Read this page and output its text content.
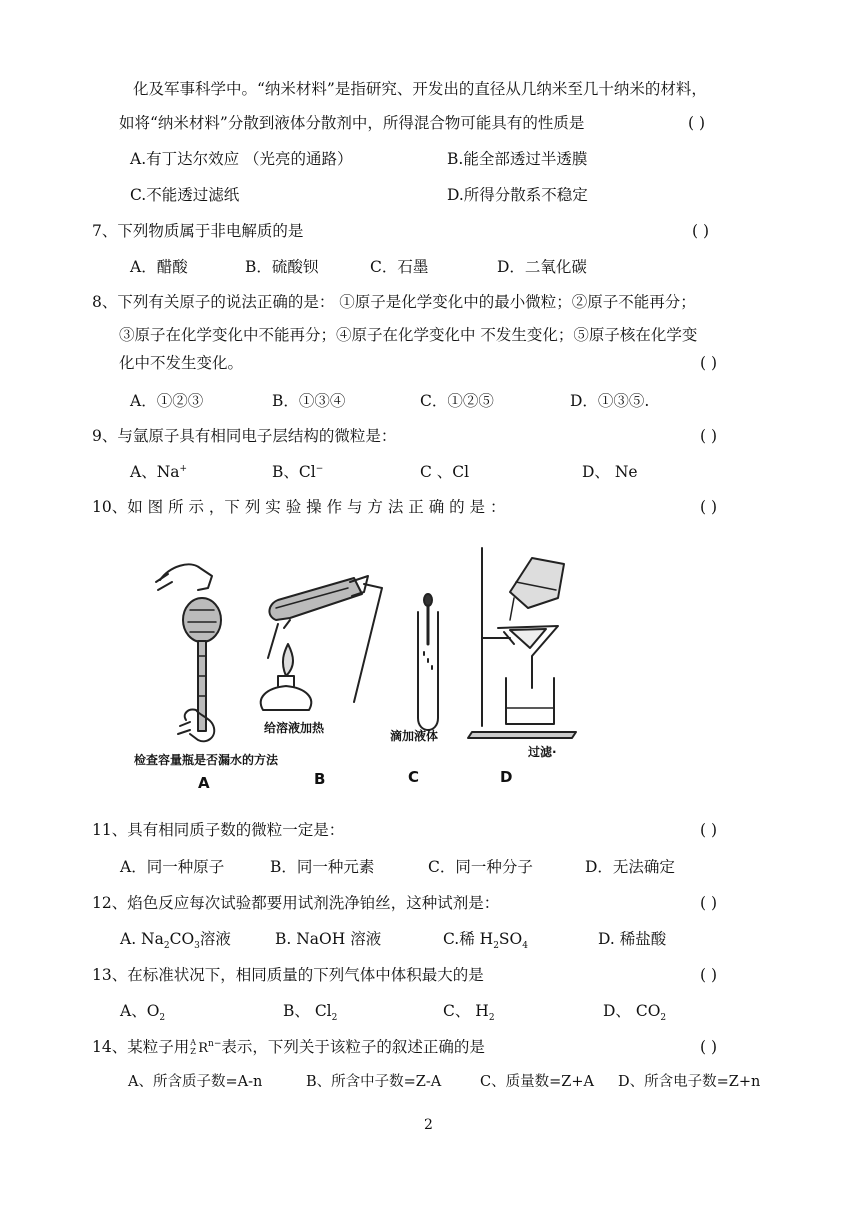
化及军事科学中。“纳米材料”是指研究、开发出的直径从几纳米至几十纳米的材料，
如将“纳米材料”分散到液体分散剂中，所得混合物可能具有的性质是	( )
A.有丁达尔效应 （光亮的通路）	B.能全部透过半透膜
C.不能透过滤纸	D.所得分散系不稳定
7、下列物质属于非电解质的是	( )
A．醋酸	B．硫酸钡	C．石墨	D．二氧化碳
8、下列有关原子的说法正确的是： ①原子是化学变化中的最小微粒；②原子不能再分；
③原子在化学变化中不能再分；④原子在化学变化中 不发生变化；⑤原子核在化学变
化中不发生变化。	( )
A．①②③	B．①③④	C．①②⑤	D．①③⑤.
9、与氩原子具有相同电子层结构的微粒是：	( )
A、Na+	B、Cl−	C 、Cl	D、 Ne
10、如 图 所 示 ，下 列 实 验 操 作 与 方 法 正 确 的 是 ：	( )
检查容量瓶是否漏水的方法
给溶液加热
滴加液体
过滤·
A	B	C	D
11、具有相同质子数的微粒一定是：	( )
A．同一种原子	B．同一种元素	C．同一种分子	D．无法确定
12、焰色反应每次试验都要用试剂洗净铂丝，这种试剂是：	( )
A. $Na_2CO_3$溶液	B. NaOH 溶液	C.稀 $H_2SO_4$	D. 稀盐酸
13、在标准状况下，相同质量的下列气体中体积最大的是	( )
A、$O_2$	B、 $Cl_2$	C、 $H_2$	D、 $CO_2$
14、某粒子用 A
Z $R^{n-}$表示，下列关于该粒子的叙述正确的是	( )
A、所含质子数=A-n	B、所含中子数=Z-A	C、质量数=Z+A D、所含电子数=Z+n
2
